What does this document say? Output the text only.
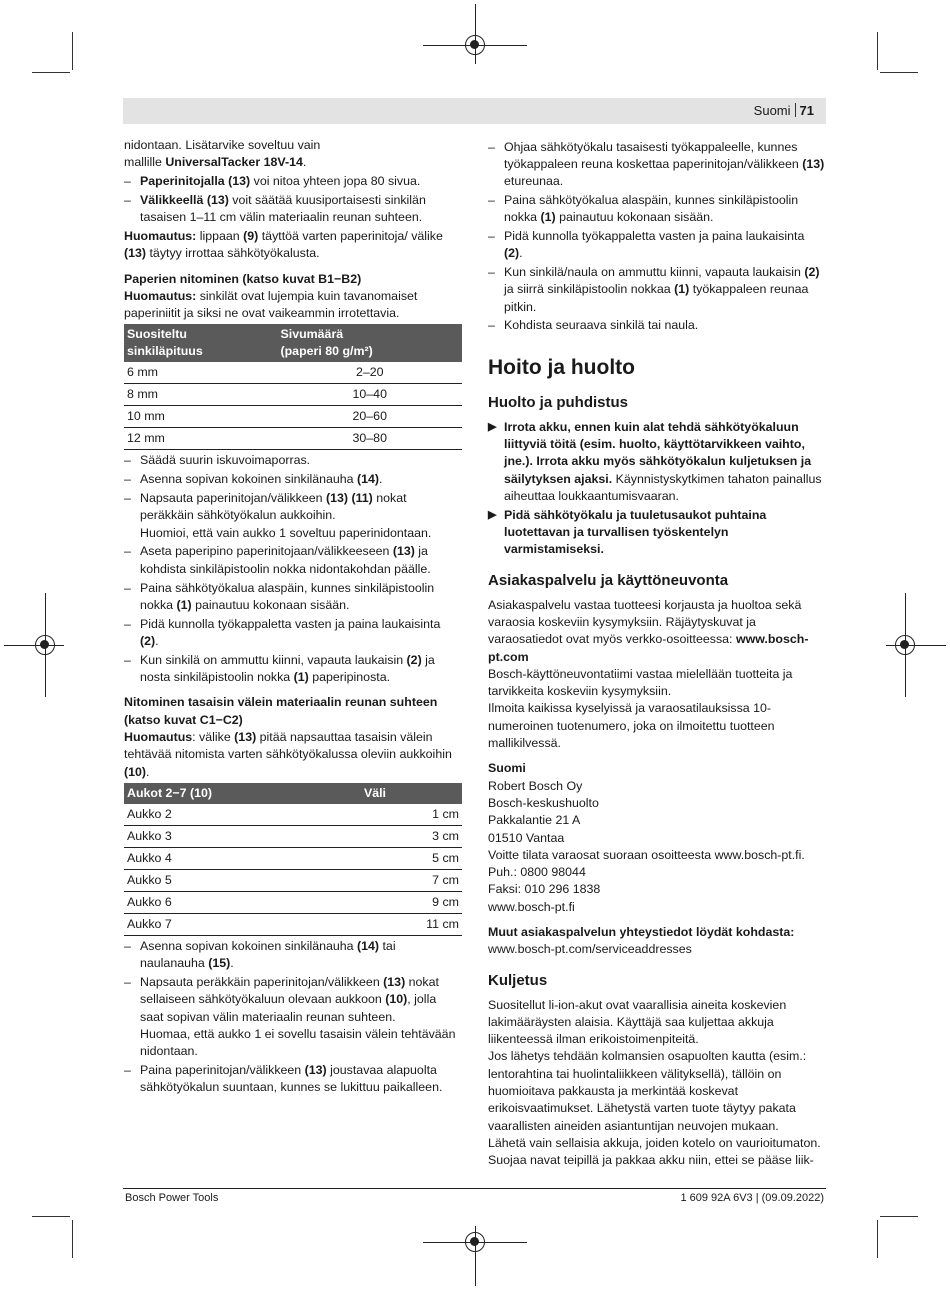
Suomi 71

nidontaan. Lisätarvike soveltuu vain
mallille UniversalTacker 18V-14.

– Paperinitojalla (13) voi nitoa yhteen jopa 80 sivua.
– Välikkeellä (13) voit säätää kuusiportaisesti sinkilän tasaisen 1–11 cm välin materiaalin reunan suhteen.

Huomautus: lippaan (9) täyttöä varten paperinitoja/ välike (13) täytyy irrottaa sähkötyökalusta.

Paperien nitominen (katso kuvat B1−B2)

Huomautus: sinkilät ovat lujempia kuin tavanomaiset paperiniitit ja siksi ne ovat vaikeammin irrotettavia.

Suositeltu
sinkiläpituus	Sivumäärä
(paperi 80 g/m²)
6 mm	2–20
8 mm	10–40
10 mm	20–60
12 mm	30–80
– Säädä suurin iskuvoimaporras.
– Asenna sopivan kokoinen sinkilänauha (14).
– Napsauta paperinitojan/välikkeen (13) (11) nokat peräkkäin sähkötyökalun aukkoihin.
Huomioi, että vain aukko 1 soveltuu paperinidontaan.
– Aseta paperipino paperinitojaan/välikkeeseen (13) ja kohdista sinkiläpistoolin nokka nidontakohdan päälle.
– Paina sähkötyökalua alaspäin, kunnes sinkiläpistoolin nokka (1) painautuu kokonaan sisään.
– Pidä kunnolla työkappaletta vasten ja paina laukaisinta (2).
– Kun sinkilä on ammuttu kiinni, vapauta laukaisin (2) ja nosta sinkiläpistoolin nokka (1) paperipinosta.

Nitominen tasaisin välein materiaalin reunan suhteen (katso kuvat C1−C2)

Huomautus: välike (13) pitää napsauttaa tasaisin välein tehtävää nitomista varten sähkötyökalussa oleviin aukkoihin (10).

Aukot 2−7 (10)	Väli
Aukko 2	1 cm
Aukko 3	3 cm
Aukko 4	5 cm
Aukko 5	7 cm
Aukko 6	9 cm
Aukko 7	11 cm
– Asenna sopivan kokoinen sinkilänauha (14) tai naulanauha (15).
– Napsauta peräkkäin paperinitojan/välikkeen (13) nokat sellaiseen sähkötyökaluun olevaan aukkoon (10), jolla saat sopivan välin materiaalin reunan suhteen.
Huomaa, että aukko 1 ei sovellu tasaisin välein tehtävään nidontaan.
– Paina paperinitojan/välikkeen (13) joustavaa alapuolta sähkötyökalun suuntaan, kunnes se lukittuu paikalleen.
– Ohjaa sähkötyökalu tasaisesti työkappaleelle, kunnes työkappaleen reuna koskettaa paperinitojan/välikkeen (13) etureunaa.
– Paina sähkötyökalua alaspäin, kunnes sinkiläpistoolin nokka (1) painautuu kokonaan sisään.
– Pidä kunnolla työkappaletta vasten ja paina laukaisinta (2).
– Kun sinkilä/naula on ammuttu kiinni, vapauta laukaisin (2) ja siirrä sinkiläpistoolin nokkaa (1) työkappaleen reunaa pitkin.
– Kohdista seuraava sinkilä tai naula.

Hoito ja huolto

Huolto ja puhdistus

▶ Irrota akku, ennen kuin alat tehdä sähkötyökaluun liittyviä töitä (esim. huolto, käyttötarvikkeen vaihto, jne.). Irrota akku myös sähkötyökalun kuljetuksen ja säilytyksen ajaksi. Käynnistyskytkimen tahaton painallus aiheuttaa loukkaantumisvaaran.
▶ Pidä sähkötyökalu ja tuuletusaukot puhtaina luotettavan ja turvallisen työskentelyn varmistamiseksi.

Asiakaspalvelu ja käyttöneuvonta

Asiakaspalvelu vastaa tuotteesi korjausta ja huoltoa sekä varaosia koskeviin kysymyksiin. Räjäytyskuvat ja varaosatiedot ovat myös verkko-osoitteessa: www.bosch-pt.com

Bosch-käyttöneuvontatiimi vastaa mielellään tuotteita ja tarvikkeita koskeviin kysymyksiin.

Ilmoita kaikissa kyselyissä ja varaosatilauksissa 10-numeroinen tuotenumero, joka on ilmoitettu tuotteen mallikilvessä.

Suomi

Robert Bosch Oy

Bosch-keskushuolto

Pakkalantie 21 A

01510 Vantaa

Voitte tilata varaosat suoraan osoitteesta www.bosch-pt.fi.

Puh.: 0800 98044

Faksi: 010 296 1838

www.bosch-pt.fi

Muut asiakaspalvelun yhteystiedot löydät kohdasta:

www.bosch-pt.com/serviceaddresses

Kuljetus

Suositellut li-ion-akut ovat vaarallisia aineita koskevien lakimääräysten alaisia. Käyttäjä saa kuljettaa akkuja liikenteessä ilman erikoistoimenpiteitä.

Jos lähetys tehdään kolmansien osapuolten kautta (esim.: lentorahtina tai huolintaliikkeen välityksellä), tällöin on huomioitava pakkausta ja merkintää koskevat erikoisvaatimukset. Lähetystä varten tuote täytyy pakata vaarallisten aineiden asiantuntijan neuvojen mukaan.

Lähetä vain sellaisia akkuja, joiden kotelo on vaurioitumaton. Suojaa navat teipillä ja pakkaa akku niin, ettei se pääse liik-

Bosch Power Tools	1 609 92A 6V3 | (09.09.2022)
